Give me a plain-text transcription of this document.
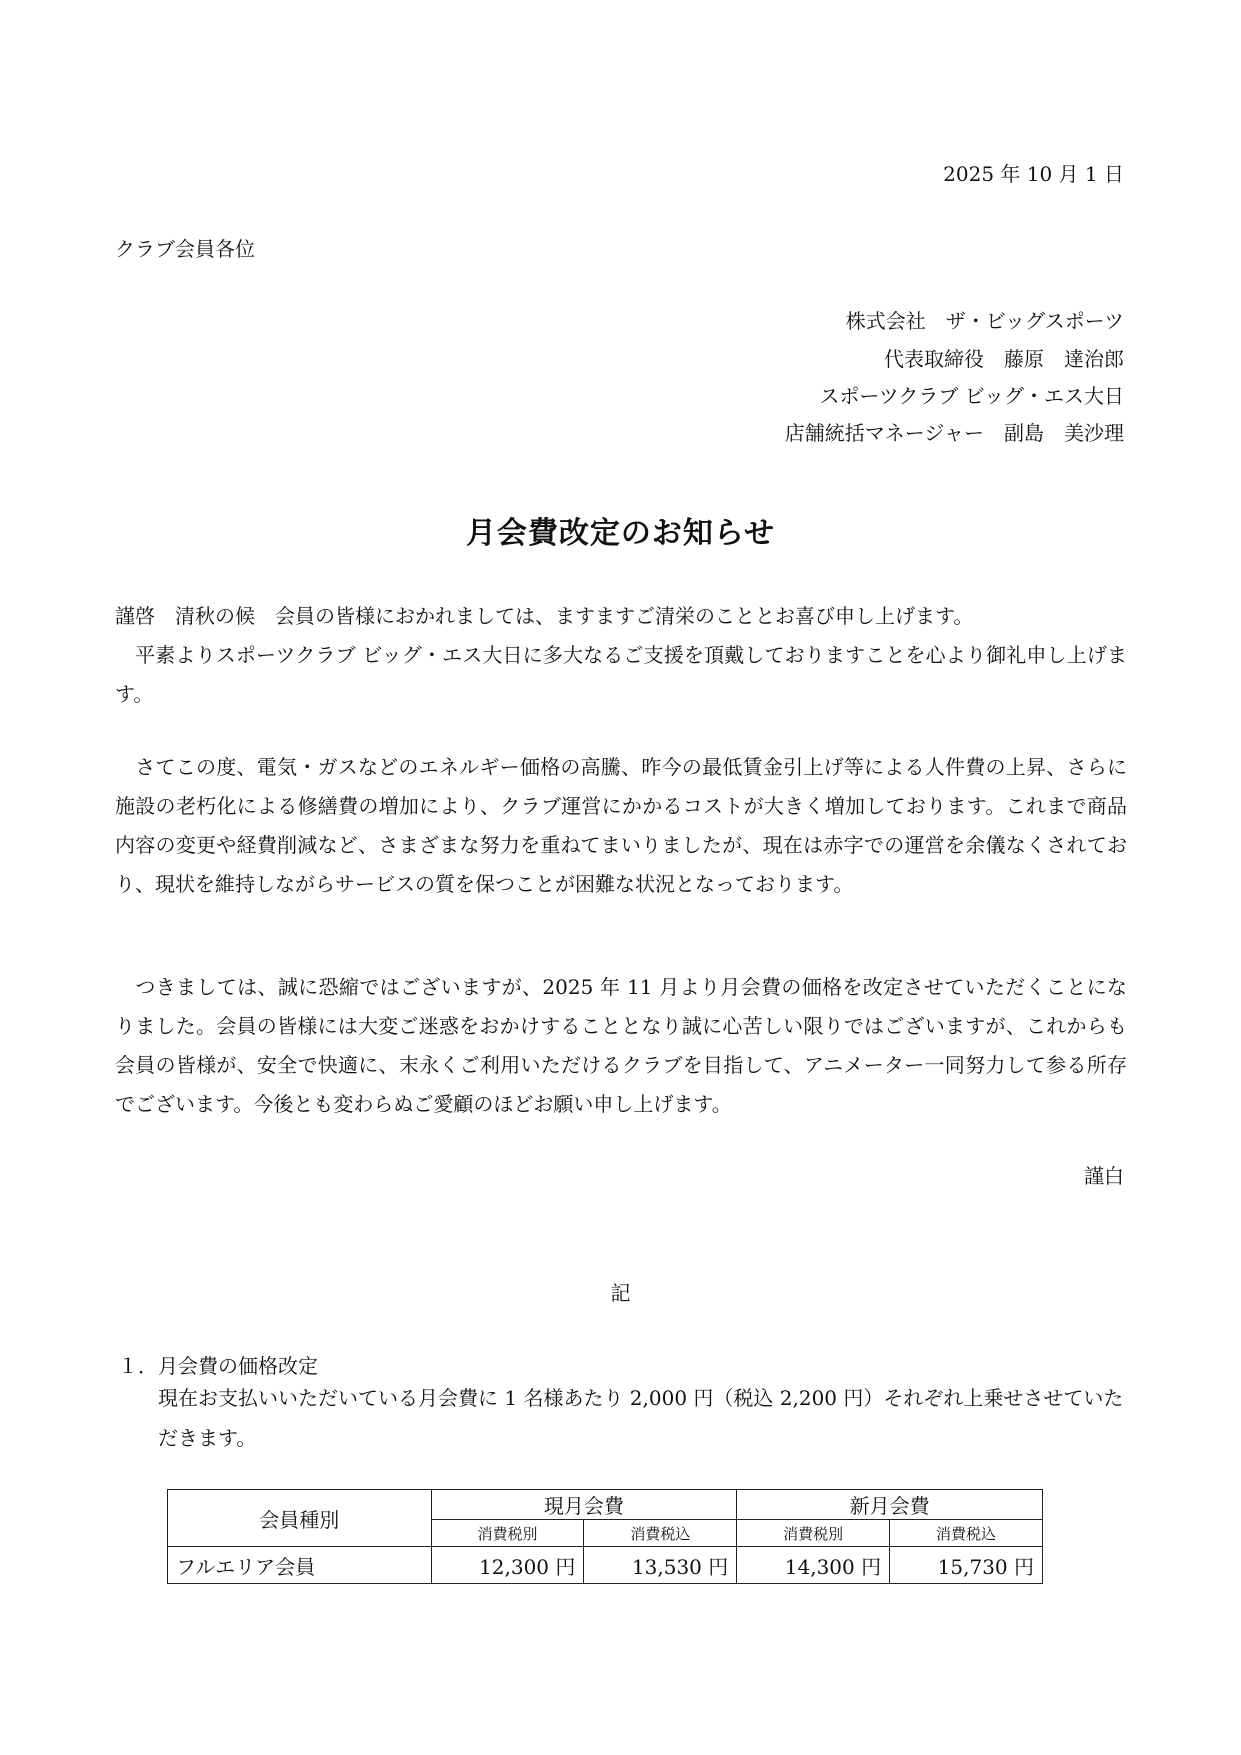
2025 年 10 月 1 日
クラブ会員各位
株式会社　ザ・ビッグスポーツ
代表取締役　藤原　達治郎
スポーツクラブ ビッグ・エス大日
店舗統括マネージャー　副島　美沙理
月会費改定のお知らせ
謹啓　清秋の候　会員の皆様におかれましては、ますますご清栄のこととお喜び申し上げます。
　平素よりスポーツクラブ ビッグ・エス大日に多大なるご支援を頂戴しておりますことを心より御礼申し上げます。
　さてこの度、電気・ガスなどのエネルギー価格の高騰、昨今の最低賃金引上げ等による人件費の上昇、さらに施設の老朽化による修繕費の増加により、クラブ運営にかかるコストが大きく増加しております。これまで商品内容の変更や経費削減など、さまざまな努力を重ねてまいりましたが、現在は赤字での運営を余儀なくされており、現状を維持しながらサービスの質を保つことが困難な状況となっております。
　つきましては、誠に恐縮ではございますが、2025 年 11 月より月会費の価格を改定させていただくことになりました。会員の皆様には大変ご迷惑をおかけすることとなり誠に心苦しい限りではございますが、これからも会員の皆様が、安全で快適に、末永くご利用いただけるクラブを目指して、アニメーター一同努力して参る所存でございます。今後とも変わらぬご愛顧のほどお願い申し上げます。
謹白
記
１．月会費の価格改定
現在お支払いいただいている月会費に 1 名様あたり 2,000 円（税込 2,200 円）それぞれ上乗せさせていただきます。
会員種別	現月会費		新月会費	
	消費税別	消費税込	消費税別	消費税込
フルエリア会員	12,300 円	13,530 円	14,300 円	15,730 円
